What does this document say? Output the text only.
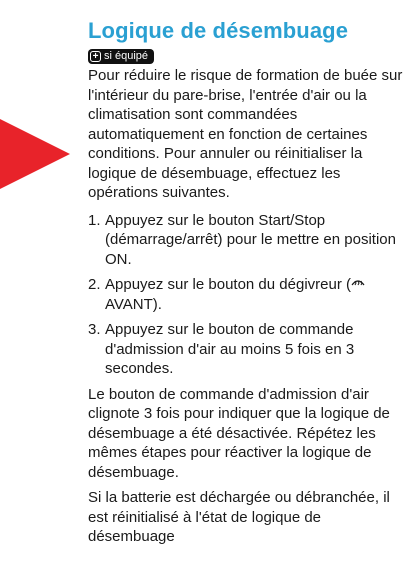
Logique de désembuage
+ si équipé

Pour réduire le risque de formation de buée sur l'intérieur du pare-brise, l'entrée d'air ou la climatisation sont commandées automatiquement en fonction de certaines conditions. Pour annuler ou réinitialiser la logique de désembuage, effectuez les opérations suivantes.

1. Appuyez sur le bouton Start/Stop (démarrage/arrêt) pour le mettre en position ON.
2. Appuyez sur le bouton du dégivreur (AVANT).
3. Appuyez sur le bouton de commande d'admission d'air au moins 5 fois en 3 secondes.

Le bouton de commande d'admission d'air clignote 3 fois pour indiquer que la logique de désembuage a été désactivée. Répétez les mêmes étapes pour réactiver la logique de désembuage.

Si la batterie est déchargée ou débranchée, il est réinitialisé à l'état de logique de désembuage
